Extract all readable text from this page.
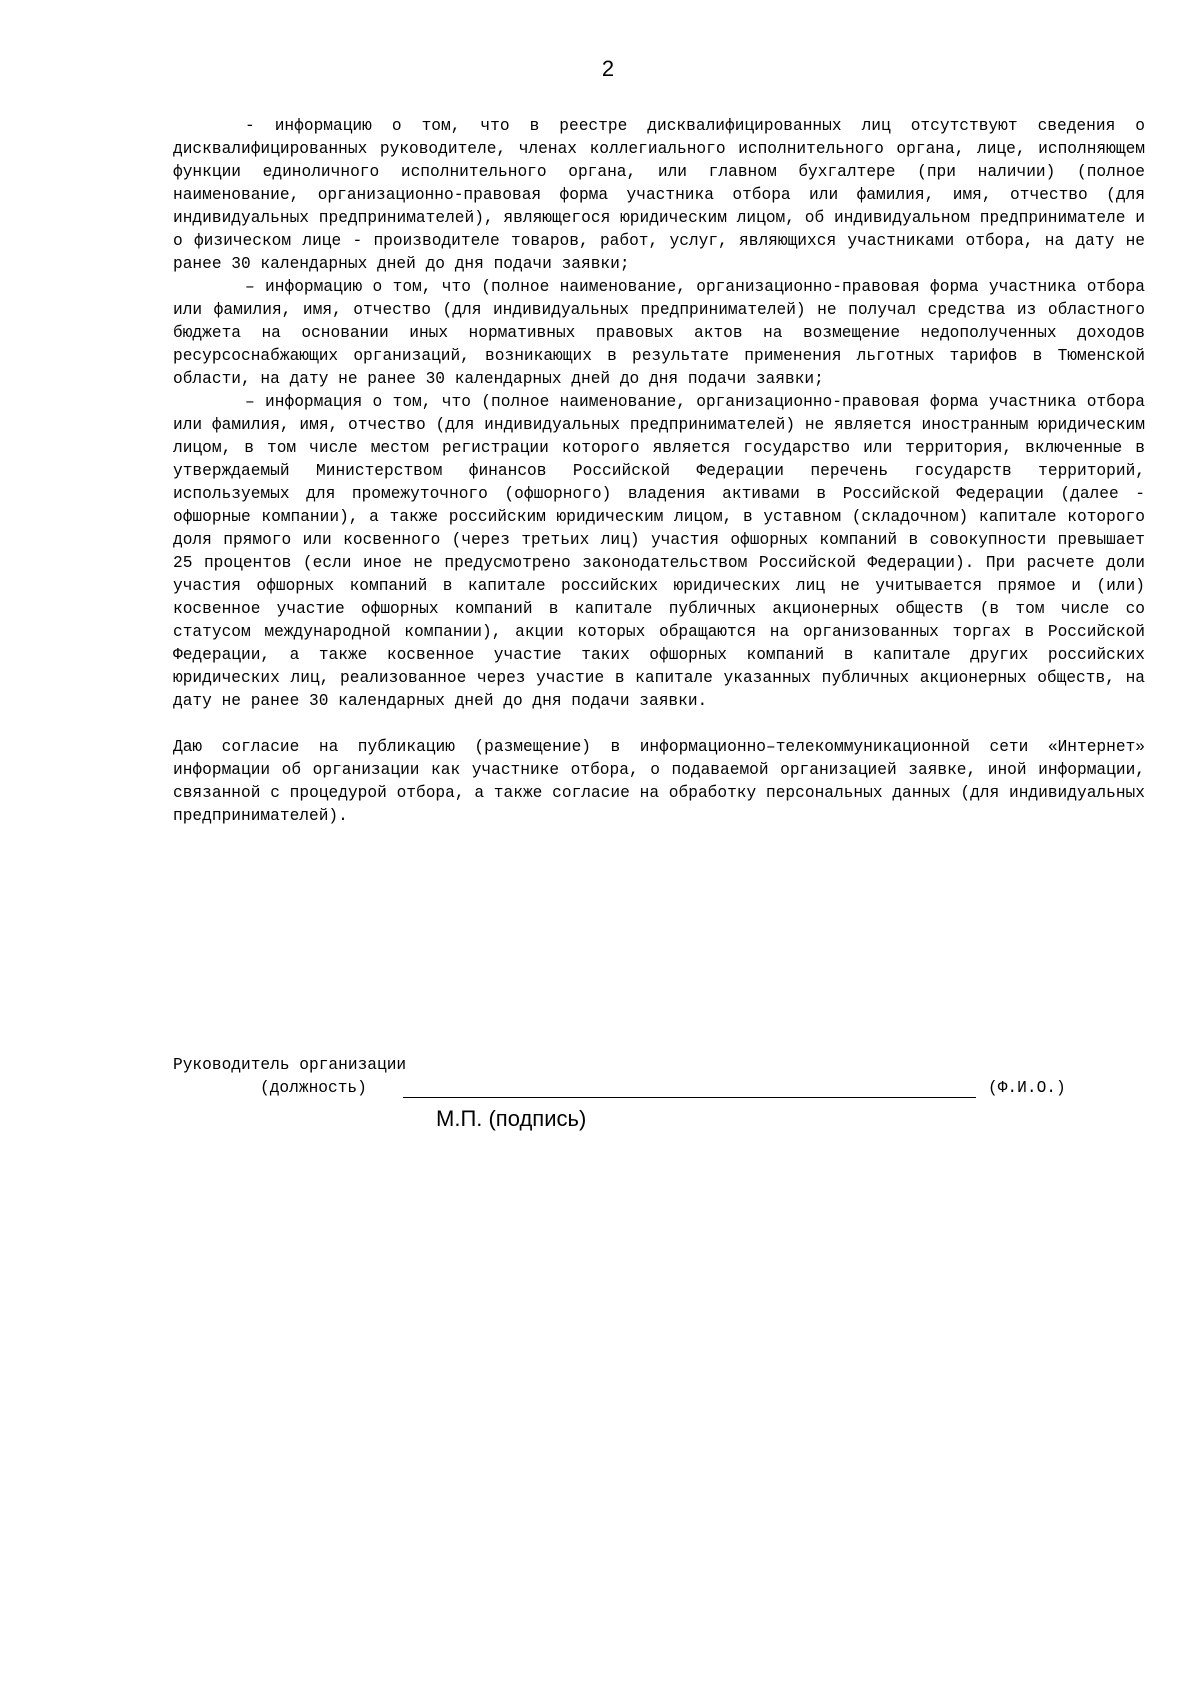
2

- информацию о том, что в реестре дисквалифицированных лиц отсутствуют сведения о дисквалифицированных руководителе, членах коллегиального исполнительного органа, лице, исполняющем функции единоличного исполнительного органа, или главном бухгалтере (при наличии) (полное наименование, организационно-правовая форма участника отбора или фамилия, имя, отчество (для индивидуальных предпринимателей), являющегося юридическим лицом, об индивидуальном предпринимателе и о физическом лице - производителе товаров, работ, услуг, являющихся участниками отбора, на дату не ранее 30 календарных дней до дня подачи заявки;

– информацию о том, что (полное наименование, организационно-правовая форма участника отбора или фамилия, имя, отчество (для индивидуальных предпринимателей) не получал средства из областного бюджета на основании иных нормативных правовых актов на возмещение недополученных доходов ресурсоснабжающих организаций, возникающих в результате применения льготных тарифов в Тюменской области, на дату не ранее 30 календарных дней до дня подачи заявки;

– информация о том, что (полное наименование, организационно-правовая форма участника отбора или фамилия, имя, отчество (для индивидуальных предпринимателей) не является иностранным юридическим лицом, в том числе местом регистрации которого является государство или территория, включенные в утверждаемый Министерством финансов Российской Федерации перечень государств территорий, используемых для промежуточного (офшорного) владения активами в Российской Федерации (далее - офшорные компании), а также российским юридическим лицом, в уставном (складочном) капитале которого доля прямого или косвенного (через третьих лиц) участия офшорных компаний в совокупности превышает 25 процентов (если иное не предусмотрено законодательством Российской Федерации). При расчете доли участия офшорных компаний в капитале российских юридических лиц не учитывается прямое и (или) косвенное участие офшорных компаний в капитале публичных акционерных обществ (в том числе со статусом международной компании), акции которых обращаются на организованных торгах в Российской Федерации, а также косвенное участие таких офшорных компаний в капитале других российских юридических лиц, реализованное через участие в капитале указанных публичных акционерных обществ, на дату не ранее 30 календарных дней до дня подачи заявки.

Даю согласие на публикацию (размещение) в информационно–телекоммуникационной сети «Интернет» информации об организации как участнике отбора, о подаваемой организацией заявке, иной информации, связанной с процедурой отбора, а также согласие на обработку персональных данных (для индивидуальных предпринимателей).

Руководитель организации
(должность)	(Ф.И.О.)
М.П. (подпись)
